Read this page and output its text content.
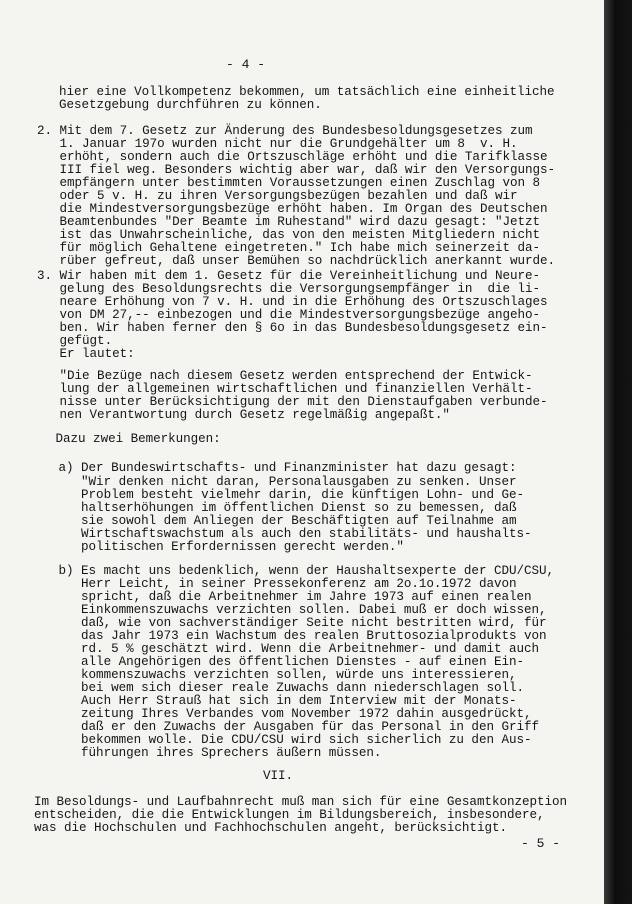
- 4 -
hier eine Vollkompetenz bekommen, um tatsächlich eine einheitliche
Gesetzgebung durchführen zu können.
2. Mit dem 7. Gesetz zur Änderung des Bundesbesoldungsgesetzes zum
1. Januar 197o wurden nicht nur die Grundgehälter um 8  v. H.
erhöht, sondern auch die Ortszuschläge erhöht und die Tarifklasse
III fiel weg. Besonders wichtig aber war, daß wir den Versorgungs-
empfängern unter bestimmten Voraussetzungen einen Zuschlag von 8
oder 5 v. H. zu ihren Versorgungsbezügen bezahlen und daß wir
die Mindestversorgungsbezüge erhöht haben. Im Organ des Deutschen
Beamtenbundes "Der Beamte im Ruhestand" wird dazu gesagt: "Jetzt
ist das Unwahrscheinliche, das von den meisten Mitgliedern nicht
für möglich Gehaltene eingetreten." Ich habe mich seinerzeit da-
rüber gefreut, daß unser Bemühen so nachdrücklich anerkannt wurde.
3. Wir haben mit dem 1. Gesetz für die Vereinheitlichung und Neure-
gelung des Besoldungsrechts die Versorgungsempfänger in  die li-
neare Erhöhung von 7 v. H. und in die Erhöhung des Ortszuschlages
von DM 27,-- einbezogen und die Mindestversorgungsbezüge angeho-
ben. Wir haben ferner den § 6o in das Bundesbesoldungsgesetz ein-
gefügt.
Er lautet:
"Die Bezüge nach diesem Gesetz werden entsprechend der Entwick-
lung der allgemeinen wirtschaftlichen und finanziellen Verhält-
nisse unter Berücksichtigung der mit den Dienstaufgaben verbunde-
nen Verantwortung durch Gesetz regelmäßig angepaßt."
Dazu zwei Bemerkungen:
a) Der Bundeswirtschafts- und Finanzminister hat dazu gesagt:
"Wir denken nicht daran, Personalausgaben zu senken. Unser
Problem besteht vielmehr darin, die künftigen Lohn- und Ge-
haltserhöhungen im öffentlichen Dienst so zu bemessen, daß
sie sowohl dem Anliegen der Beschäftigten auf Teilnahme am
Wirtschaftswachstum als auch den stabilitäts- und haushalts-
politischen Erfordernissen gerecht werden."
b) Es macht uns bedenklich, wenn der Haushaltsexperte der CDU/CSU,
Herr Leicht, in seiner Pressekonferenz am 2o.1o.1972 davon
spricht, daß die Arbeitnehmer im Jahre 1973 auf einen realen
Einkommenszuwachs verzichten sollen. Dabei muß er doch wissen,
daß, wie von sachverständiger Seite nicht bestritten wird, für
das Jahr 1973 ein Wachstum des realen Bruttosozialprodukts von
rd. 5 % geschätzt wird. Wenn die Arbeitnehmer- und damit auch
alle Angehörigen des öffentlichen Dienstes - auf einen Ein-
kommenszuwachs verzichten sollen, würde uns interessieren,
bei wem sich dieser reale Zuwachs dann niederschlagen soll.
Auch Herr Strauß hat sich in dem Interview mit der Monats-
zeitung Ihres Verbandes vom November 1972 dahin ausgedrückt,
daß er den Zuwachs der Ausgaben für das Personal in den Griff
bekommen wolle. Die CDU/CSU wird sich sicherlich zu den Aus-
führungen ihres Sprechers äußern müssen.
VII.
Im Besoldungs- und Laufbahnrecht muß man sich für eine Gesamtkonzeption
entscheiden, die die Entwicklungen im Bildungsbereich, insbesondere,
was die Hochschulen und Fachhochschulen angeht, berücksichtigt.
- 5 -
